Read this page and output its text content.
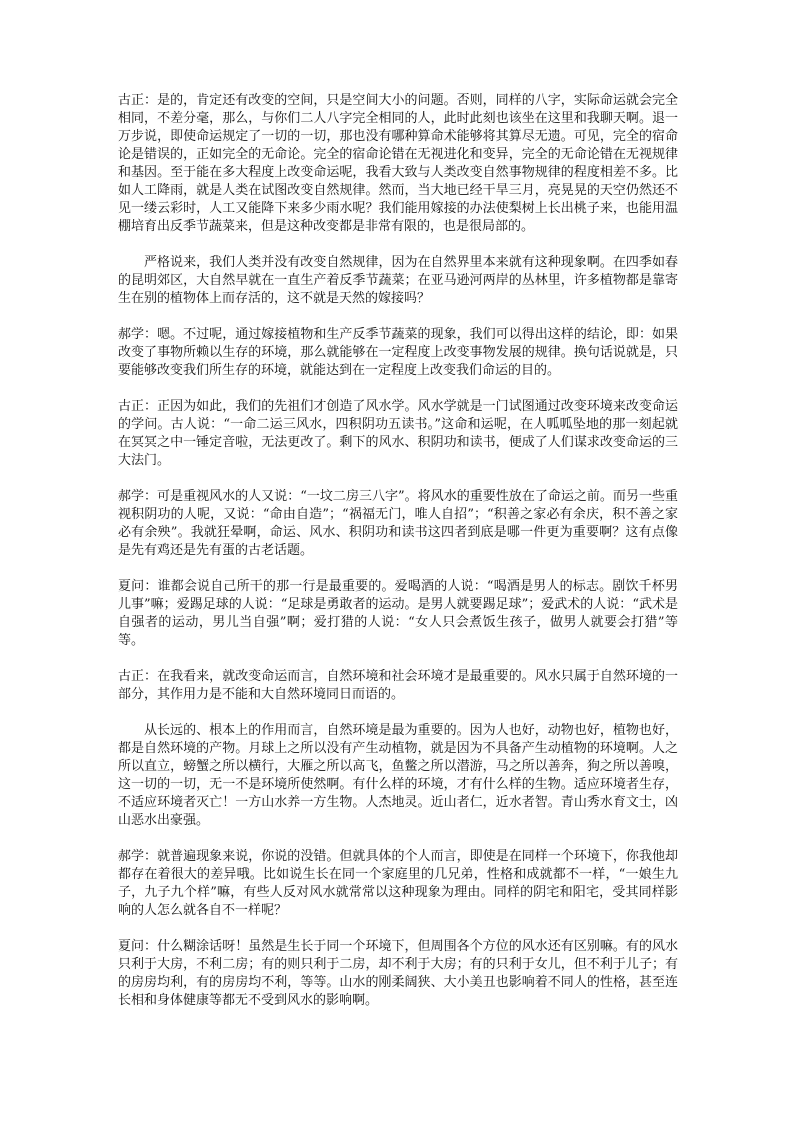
古正：是的，肯定还有改变的空间，只是空间大小的问题。否则，同样的八字，实际命运就会完全相同，不差分毫，那么，与你们二人八字完全相同的人，此时此刻也该坐在这里和我聊天啊。退一万步说，即使命运规定了一切的一切，那也没有哪种算命术能够将其算尽无遗。可见，完全的宿命论是错误的，正如完全的无命论。完全的宿命论错在无视进化和变异，完全的无命论错在无视规律和基因。至于能在多大程度上改变命运呢，我看大致与人类改变自然事物规律的程度相差不多。比如人工降雨，就是人类在试图改变自然规律。然而，当大地已经干旱三月，亮晃晃的天空仍然还不见一缕云彩时，人工又能降下来多少雨水呢？我们能用嫁接的办法使梨树上长出桃子来，也能用温棚培育出反季节蔬菜来，但是这种改变都是非常有限的，也是很局部的。

严格说来，我们人类并没有改变自然规律，因为在自然界里本来就有这种现象啊。在四季如春的昆明郊区，大自然早就在一直生产着反季节蔬菜；在亚马逊河两岸的丛林里，许多植物都是靠寄生在别的植物体上而存活的，这不就是天然的嫁接吗？

郝学：嗯。不过呢，通过嫁接植物和生产反季节蔬菜的现象，我们可以得出这样的结论，即：如果改变了事物所赖以生存的环境，那么就能够在一定程度上改变事物发展的规律。换句话说就是，只要能够改变我们所生存的环境，就能达到在一定程度上改变我们命运的目的。

古正：正因为如此，我们的先祖们才创造了风水学。风水学就是一门试图通过改变环境来改变命运的学问。古人说：“一命二运三风水，四积阴功五读书。”这命和运呢，在人呱呱坠地的那一刻起就在冥冥之中一锤定音啦，无法更改了。剩下的风水、积阴功和读书，便成了人们谋求改变命运的三大法门。

郝学：可是重视风水的人又说：“一坟二房三八字”。将风水的重要性放在了命运之前。而另一些重视积阴功的人呢，又说：“命由自造”；“祸福无门，唯人自招”；“积善之家必有余庆，积不善之家必有余殃”。我就狂晕啊，命运、风水、积阴功和读书这四者到底是哪一件更为重要啊？这有点像是先有鸡还是先有蛋的古老话题。

夏问：谁都会说自己所干的那一行是最重要的。爱喝酒的人说：“喝酒是男人的标志。剧饮千杯男儿事”嘛；爱踢足球的人说：“足球是勇敢者的运动。是男人就要踢足球”；爱武术的人说：“武术是自强者的运动，男儿当自强”啊；爱打猎的人说：“女人只会煮饭生孩子，做男人就要会打猎”等等。

古正：在我看来，就改变命运而言，自然环境和社会环境才是最重要的。风水只属于自然环境的一部分，其作用力是不能和大自然环境同日而语的。

从长远的、根本上的作用而言，自然环境是最为重要的。因为人也好，动物也好，植物也好，都是自然环境的产物。月球上之所以没有产生动植物，就是因为不具备产生动植物的环境啊。人之所以直立，螃蟹之所以横行，大雁之所以高飞，鱼鳖之所以潜游，马之所以善奔，狗之所以善嗅，这一切的一切，无一不是环境所使然啊。有什么样的环境，才有什么样的生物。适应环境者生存，不适应环境者灭亡！一方山水养一方生物。人杰地灵。近山者仁，近水者智。青山秀水育文士，凶山恶水出豪强。

郝学：就普遍现象来说，你说的没错。但就具体的个人而言，即使是在同样一个环境下，你我他却都存在着很大的差异哦。比如说生长在同一个家庭里的几兄弟，性格和成就都不一样，“一娘生九子，九子九个样”嘛，有些人反对风水就常常以这种现象为理由。同样的阴宅和阳宅，受其同样影响的人怎么就各自不一样呢？

夏问：什么糊涂话呀！虽然是生长于同一个环境下，但周围各个方位的风水还有区别嘛。有的风水只利于大房，不利二房；有的则只利于二房，却不利于大房；有的只利于女儿，但不利于儿子；有的房房均利，有的房房均不利，等等。山水的刚柔阔狭、大小美丑也影响着不同人的性格，甚至连长相和身体健康等都无不受到风水的影响啊。
